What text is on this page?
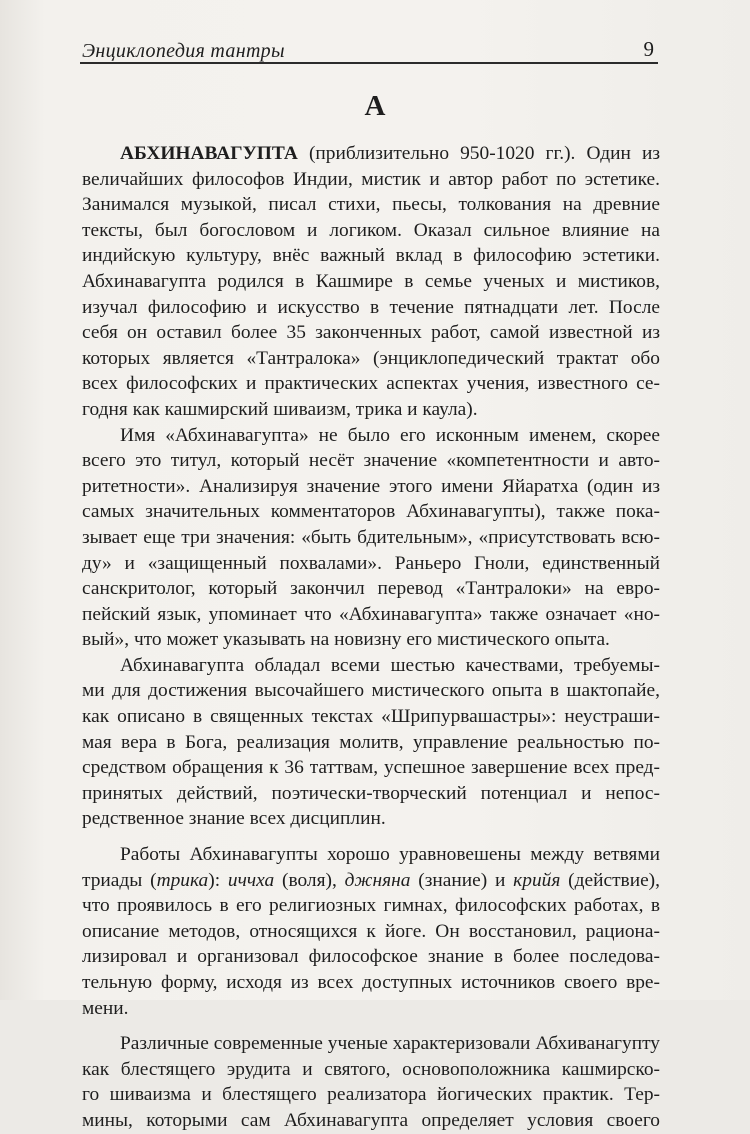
Энциклопедия тантры	9
А

АБХИНАВАГУПТА (приблизительно 950-1020 гг.). Один из
величайших философов Индии, мистик и автор работ по эстетике.
Занимался музыкой, писал стихи, пьесы, толкования на древние
тексты, был богословом и логиком. Оказал сильное влияние на
индийскую культуру, внёс важный вклад в философию эстетики.
Абхинавагупта родился в Кашмире в семье ученых и мистиков,
изучал философию и искусство в течение пятнадцати лет. После
себя он оставил более 35 законченных работ, самой известной из
которых является «Тантралока» (энциклопедический трактат обо
всех философских и практических аспектах учения, известного се-
годня как кашмирский шиваизм, трика и каула).

Имя «Абхинавагупта» не было его исконным именем, скорее
всего это титул, который несёт значение «компетентности и авто-
ритетности». Анализируя значение этого имени Яйаратха (один из
самых значительных комментаторов Абхинавагупты), также пока-
зывает еще три значения: «быть бдительным», «присутствовать всю-
ду» и «защищенный похвалами». Раньеро Гноли, единственный
санскритолог, который закончил перевод «Тантралоки» на евро-
пейский язык, упоминает что «Абхинавагупта» также означает «но-
вый», что может указывать на новизну его мистического опыта.

Абхинавагупта обладал всеми шестью качествами, требуемы-
ми для достижения высочайшего мистического опыта в шактопайе,
как описано в священных текстах «Шрипурвашастры»: неустраши-
мая вера в Бога, реализация молитв, управление реальностью по-
средством обращения к 36 таттвам, успешное завершение всех пред-
принятых действий, поэтически-творческий потенциал и непос-
редственное знание всех дисциплин.

Работы Абхинавагупты хорошо уравновешены между ветвями
триады (трика): иччха (воля), джняна (знание) и крийя (действие),
что проявилось в его религиозных гимнах, философских работах, в
описание методов, относящихся к йоге. Он восстановил, рациона-
лизировал и организовал философское знание в более последова-
тельную форму, исходя из всех доступных источников своего вре-
мени.

Различные современные ученые характеризовали Абхиванагупту
как блестящего эрудита и святого, основоположника кашмирско-
го шиваизма и блестящего реализатора йогических практик. Тер-
мины, которыми сам Абхинавагупта определяет условия своего
